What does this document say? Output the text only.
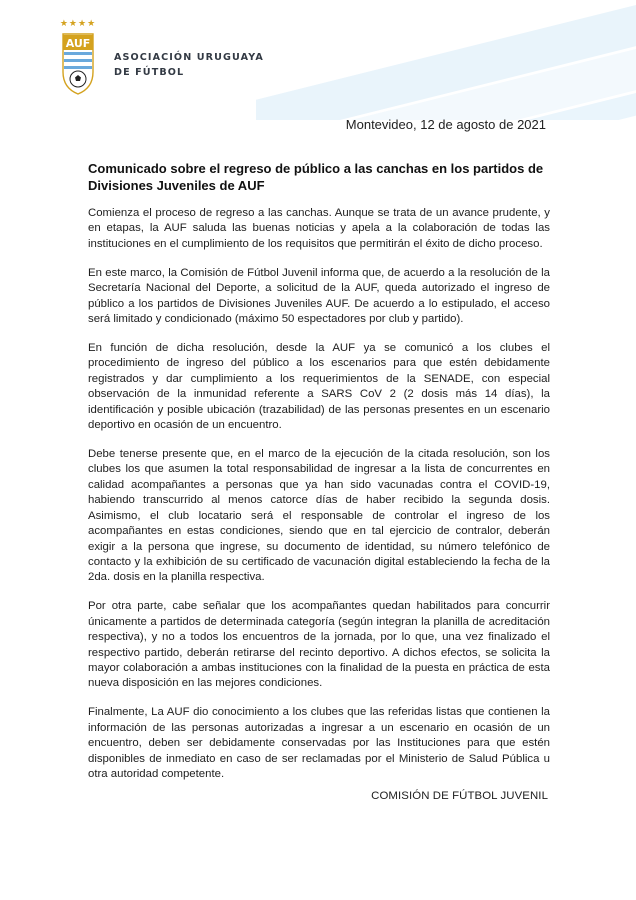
★★★★
AUF
ASOCIACIÓN URUGUAYA
DE FÚTBOL
Montevideo, 12 de agosto de 2021
Comunicado sobre el regreso de público a las canchas en los partidos de Divisiones Juveniles de AUF

Comienza el proceso de regreso a las canchas. Aunque se trata de un avance prudente, y en etapas, la AUF saluda las buenas noticias y apela a la colaboración de todas las instituciones en el cumplimiento de los requisitos que permitirán el éxito de dicho proceso.

En este marco, la Comisión de Fútbol Juvenil informa que, de acuerdo a la resolución de la Secretaría Nacional del Deporte, a solicitud de la AUF, queda autorizado el ingreso de público a los partidos de Divisiones Juveniles AUF. De acuerdo a lo estipulado, el acceso será limitado y condicionado (máximo 50 espectadores por club y partido).

En función de dicha resolución, desde la AUF ya se comunicó a los clubes el procedimiento de ingreso del público a los escenarios para que estén debidamente registrados y dar cumplimiento a los requerimientos de la SENADE, con especial observación de la inmunidad referente a SARS CoV 2 (2 dosis más 14 días), la identificación y posible ubicación (trazabilidad) de las personas presentes en un escenario deportivo en ocasión de un encuentro.

Debe tenerse presente que, en el marco de la ejecución de la citada resolución, son los clubes los que asumen la total responsabilidad de ingresar a la lista de concurrentes en calidad acompañantes a personas que ya han sido vacunadas contra el COVID-19, habiendo transcurrido al menos catorce días de haber recibido la segunda dosis. Asimismo, el club locatario será el responsable de controlar el ingreso de los acompañantes en estas condiciones, siendo que en tal ejercicio de contralor, deberán exigir a la persona que ingrese, su documento de identidad, su número telefónico de contacto y la exhibición de su certificado de vacunación digital estableciendo la fecha de la 2da. dosis en la planilla respectiva.

Por otra parte, cabe señalar que los acompañantes quedan habilitados para concurrir únicamente a partidos de determinada categoría (según integran la planilla de acreditación respectiva), y no a todos los encuentros de la jornada, por lo que, una vez finalizado el respectivo partido, deberán retirarse del recinto deportivo. A dichos efectos, se solicita la mayor colaboración a ambas instituciones con la finalidad de la puesta en práctica de esta nueva disposición en las mejores condiciones.

Finalmente, La AUF dio conocimiento a los clubes que las referidas listas que contienen la información de las personas autorizadas a ingresar a un escenario en ocasión de un encuentro, deben ser debidamente conservadas por las Instituciones para que estén disponibles de inmediato en caso de ser reclamadas por el Ministerio de Salud Pública u otra autoridad competente.

COMISIÓN DE FÚTBOL JUVENIL
